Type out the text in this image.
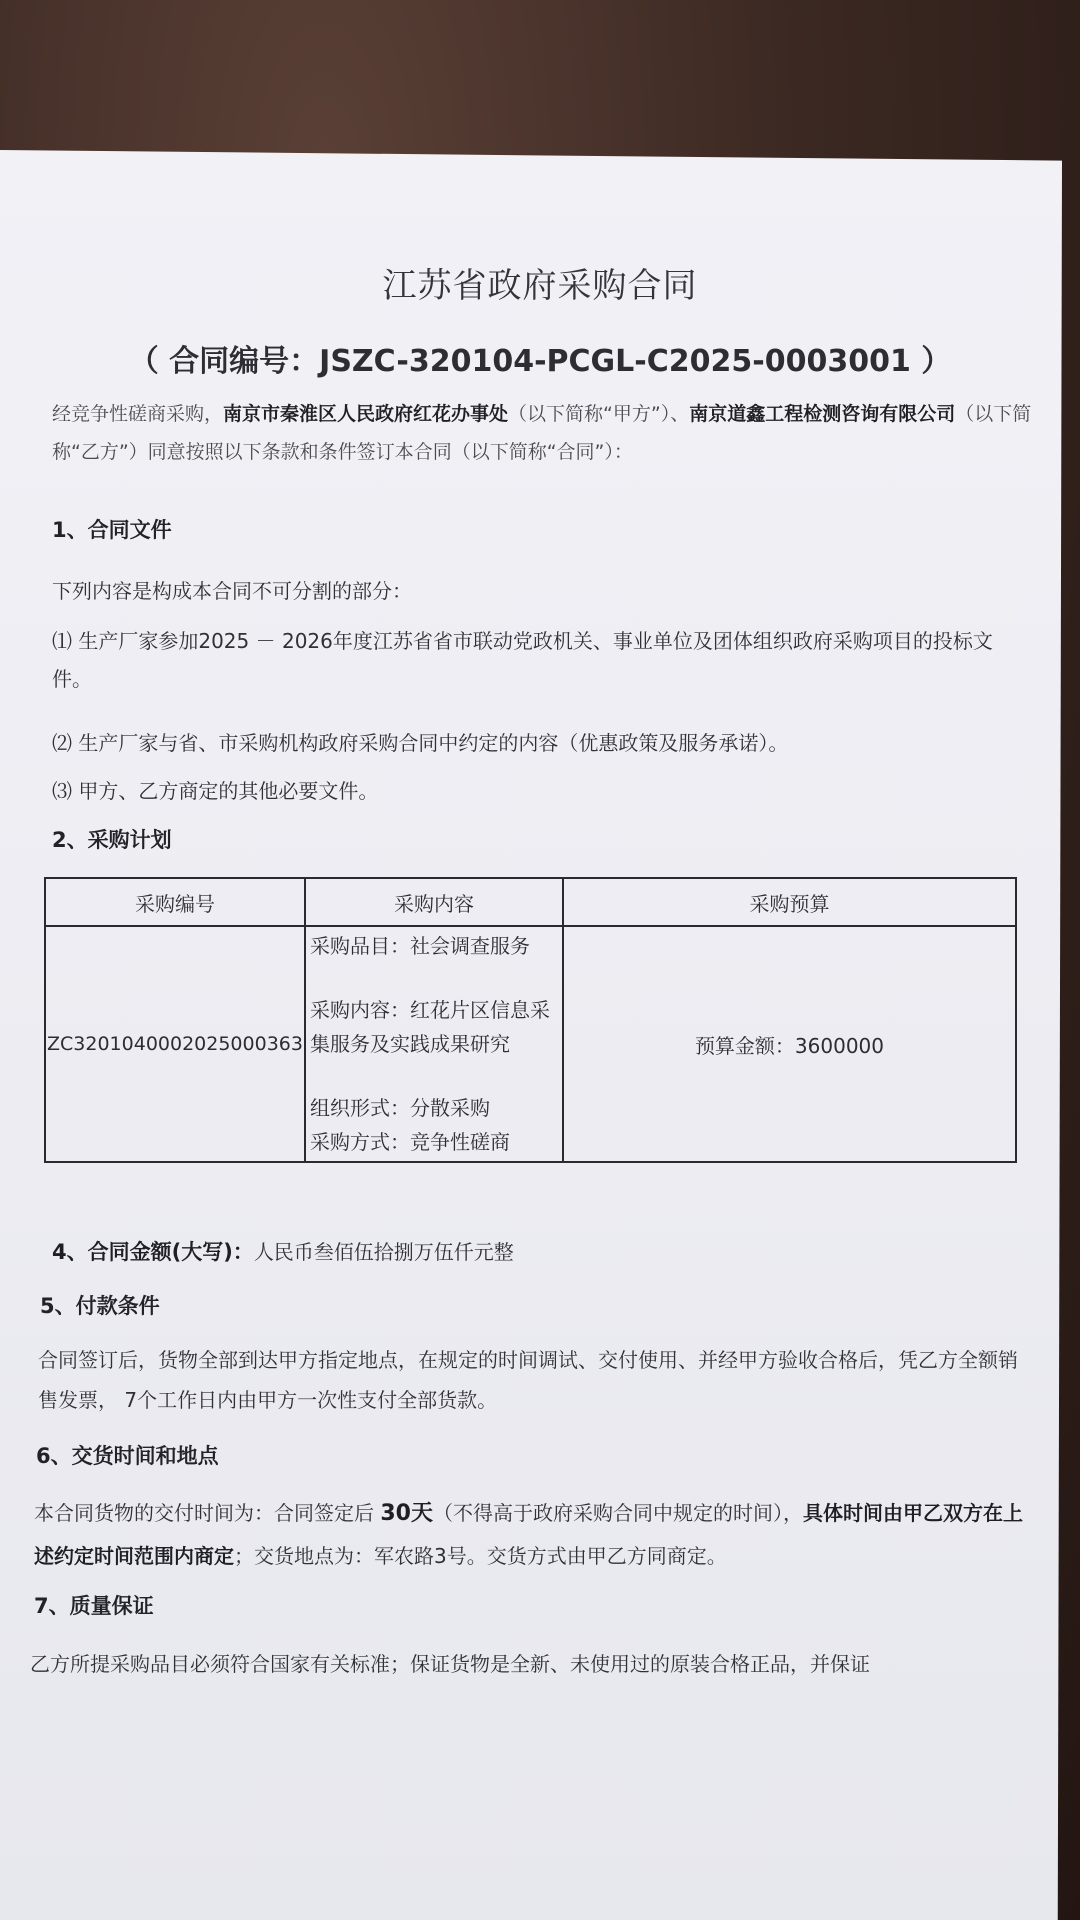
江苏省政府采购合同
（ 合同编号：JSZC-320104-PCGL-C2025-0003001 ）
经竞争性磋商采购，南京市秦淮区人民政府红花办事处（以下简称“甲方”）、南京道鑫工程检测咨询有限公司（以下简称“乙方”）同意按照以下条款和条件签订本合同（以下简称“合同”）：
1、合同文件
下列内容是构成本合同不可分割的部分：
⑴ 生产厂家参加2025 － 2026年度江苏省省市联动党政机关、事业单位及团体组织政府采购项目的投标文件。
⑵ 生产厂家与省、市采购机构政府采购合同中约定的内容（优惠政策及服务承诺）。
⑶ 甲方、乙方商定的其他必要文件。
2、采购计划
采购编号	采购内容	采购预算
ZC3201040002025000363	采购品目：社会调查服务
采购内容：红花片区信息采集服务及实践成果研究
组织形式：分散采购
采购方式：竞争性磋商	预算金额：3600000
4、合同金额(大写)：人民币叁佰伍拾捌万伍仟元整
5、付款条件
合同签订后，货物全部到达甲方指定地点，在规定的时间调试、交付使用、并经甲方验收合格后，凭乙方全额销售发票， 7个工作日内由甲方一次性支付全部货款。
6、交货时间和地点
本合同货物的交付时间为：合同签定后 30天（不得高于政府采购合同中规定的时间），具体时间由甲乙双方在上述约定时间范围内商定；交货地点为：军农路3号。交货方式由甲乙方同商定。
7、质量保证
乙方所提采购品目必须符合国家有关标准；保证货物是全新、未使用过的原装合格正品，并保证
